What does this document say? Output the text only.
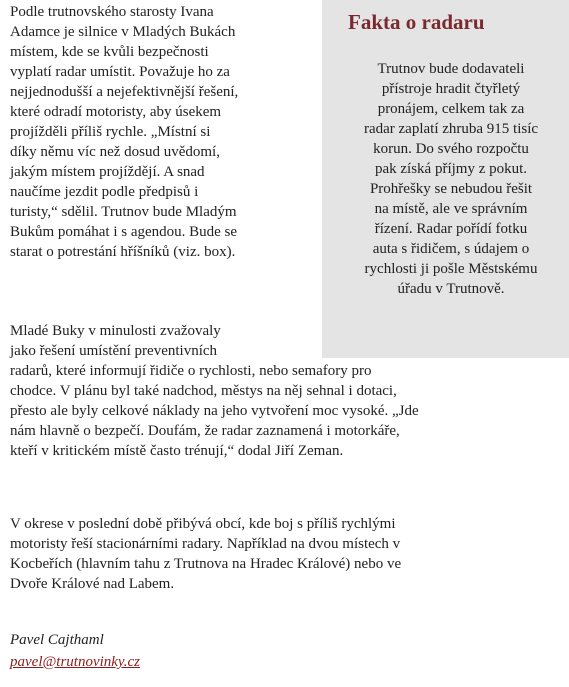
Podle trutnovského starosty Ivana
Adamce je silnice v Mladých Bukách
místem, kde se kvůli bezpečnosti
vyplatí radar umístit. Považuje ho za
nejjednodušší a nejefektivnější řešení,
které odradí motoristy, aby úsekem
projížděli příliš rychle. „Místní si
díky němu víc než dosud uvědomí,
jakým místem projíždějí. A snad
naučíme jezdit podle předpisů i
turisty,“ sdělil. Trutnov bude Mladým
Bukům pomáhat i s agendou. Bude se
starat o potrestání hříšníků (viz. box).

Fakta o radaru
Trutnov bude dodavateli
přístroje hradit čtyřletý
pronájem, celkem tak za
radar zaplatí zhruba 915 tisíc
korun. Do svého rozpočtu
pak získá příjmy z pokut.
Prohřešky se nebudou řešit
na místě, ale ve správním
řízení. Radar pořídí fotku
auta s řidičem, s údajem o
rychlosti ji pošle Městskému
úřadu v Trutnově.

Mladé Buky v minulosti zvažovaly
jako řešení umístění preventivních
radarů, které informují řidiče o rychlosti, nebo semafory pro
chodce. V plánu byl také nadchod, městys na něj sehnal i dotaci,
přesto ale byly celkové náklady na jeho vytvoření moc vysoké. „Jde
nám hlavně o bezpečí. Doufám, že radar zaznamená i motorkáře,
kteří v kritickém místě často trénují,“ dodal Jiří Zeman.

V okrese v poslední době přibývá obcí, kde boj s příliš rychlými
motoristy řeší stacionárními radary. Například na dvou místech v
Kocbeřích (hlavním tahu z Trutnova na Hradec Králové) nebo ve
Dvoře Králové nad Labem.

Pavel Cajthaml
pavel@trutnovinky.cz
